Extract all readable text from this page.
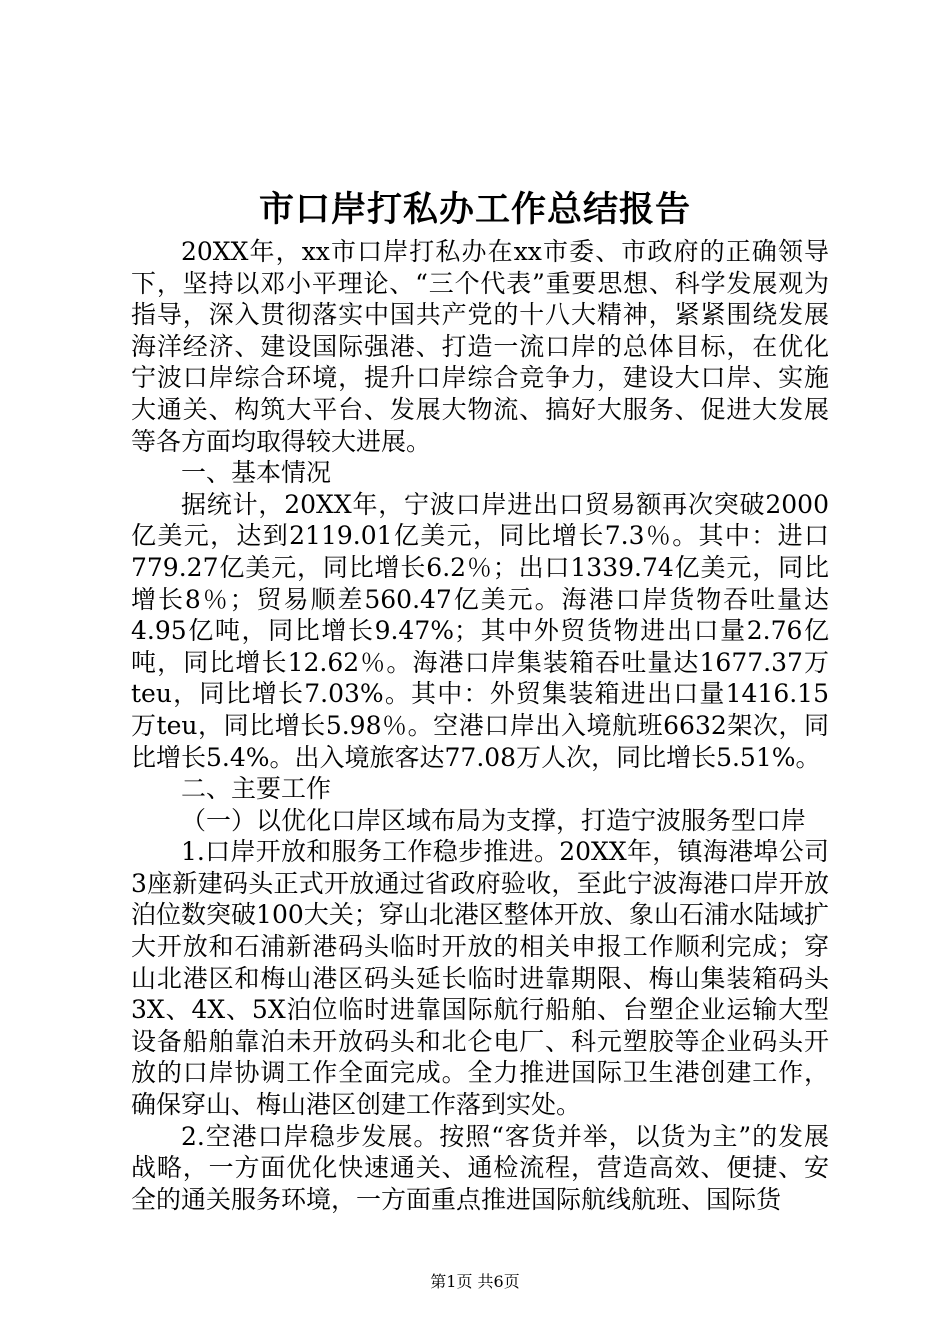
市口岸打私办工作总结报告

20XX年，xx市口岸打私办在xx市委、市政府的正确领导下，坚持以邓小平理论、“三个代表”重要思想、科学发展观为指导，深入贯彻落实中国共产党的十八大精神，紧紧围绕发展海洋经济、建设国际强港、打造一流口岸的总体目标，在优化宁波口岸综合环境，提升口岸综合竞争力，建设大口岸、实施大通关、构筑大平台、发展大物流、搞好大服务、促进大发展等各方面均取得较大进展。

一、基本情况

据统计，20XX年，宁波口岸进出口贸易额再次突破2000亿美元，达到2119.01亿美元，同比增长7.3％。其中：进口779.27亿美元，同比增长6.2％；出口1339.74亿美元，同比增长8％；贸易顺差560.47亿美元。海港口岸货物吞吐量达4.95亿吨，同比增长9.47%；其中外贸货物进出口量2.76亿吨，同比增长12.62％。海港口岸集装箱吞吐量达1677.37万teu，同比增长7.03%。其中：外贸集装箱进出口量1416.15万teu，同比增长5.98％。空港口岸出入境航班6632架次，同比增长5.4%。出入境旅客达77.08万人次，同比增长5.51%。

二、主要工作

（一）以优化口岸区域布局为支撑，打造宁波服务型口岸

1.口岸开放和服务工作稳步推进。20XX年，镇海港埠公司3座新建码头正式开放通过省政府验收，至此宁波海港口岸开放泊位数突破100大关；穿山北港区整体开放、象山石浦水陆域扩大开放和石浦新港码头临时开放的相关申报工作顺利完成；穿山北港区和梅山港区码头延长临时进靠期限、梅山集装箱码头3X、4X、5X泊位临时进靠国际航行船舶、台塑企业运输大型设备船舶靠泊未开放码头和北仑电厂、科元塑胶等企业码头开放的口岸协调工作全面完成。全力推进国际卫生港创建工作，确保穿山、梅山港区创建工作落到实处。

2.空港口岸稳步发展。按照“客货并举，以货为主”的发展战略，一方面优化快速通关、通检流程，营造高效、便捷、安全的通关服务环境，一方面重点推进国际航线航班、国际货

第1页 共6页
